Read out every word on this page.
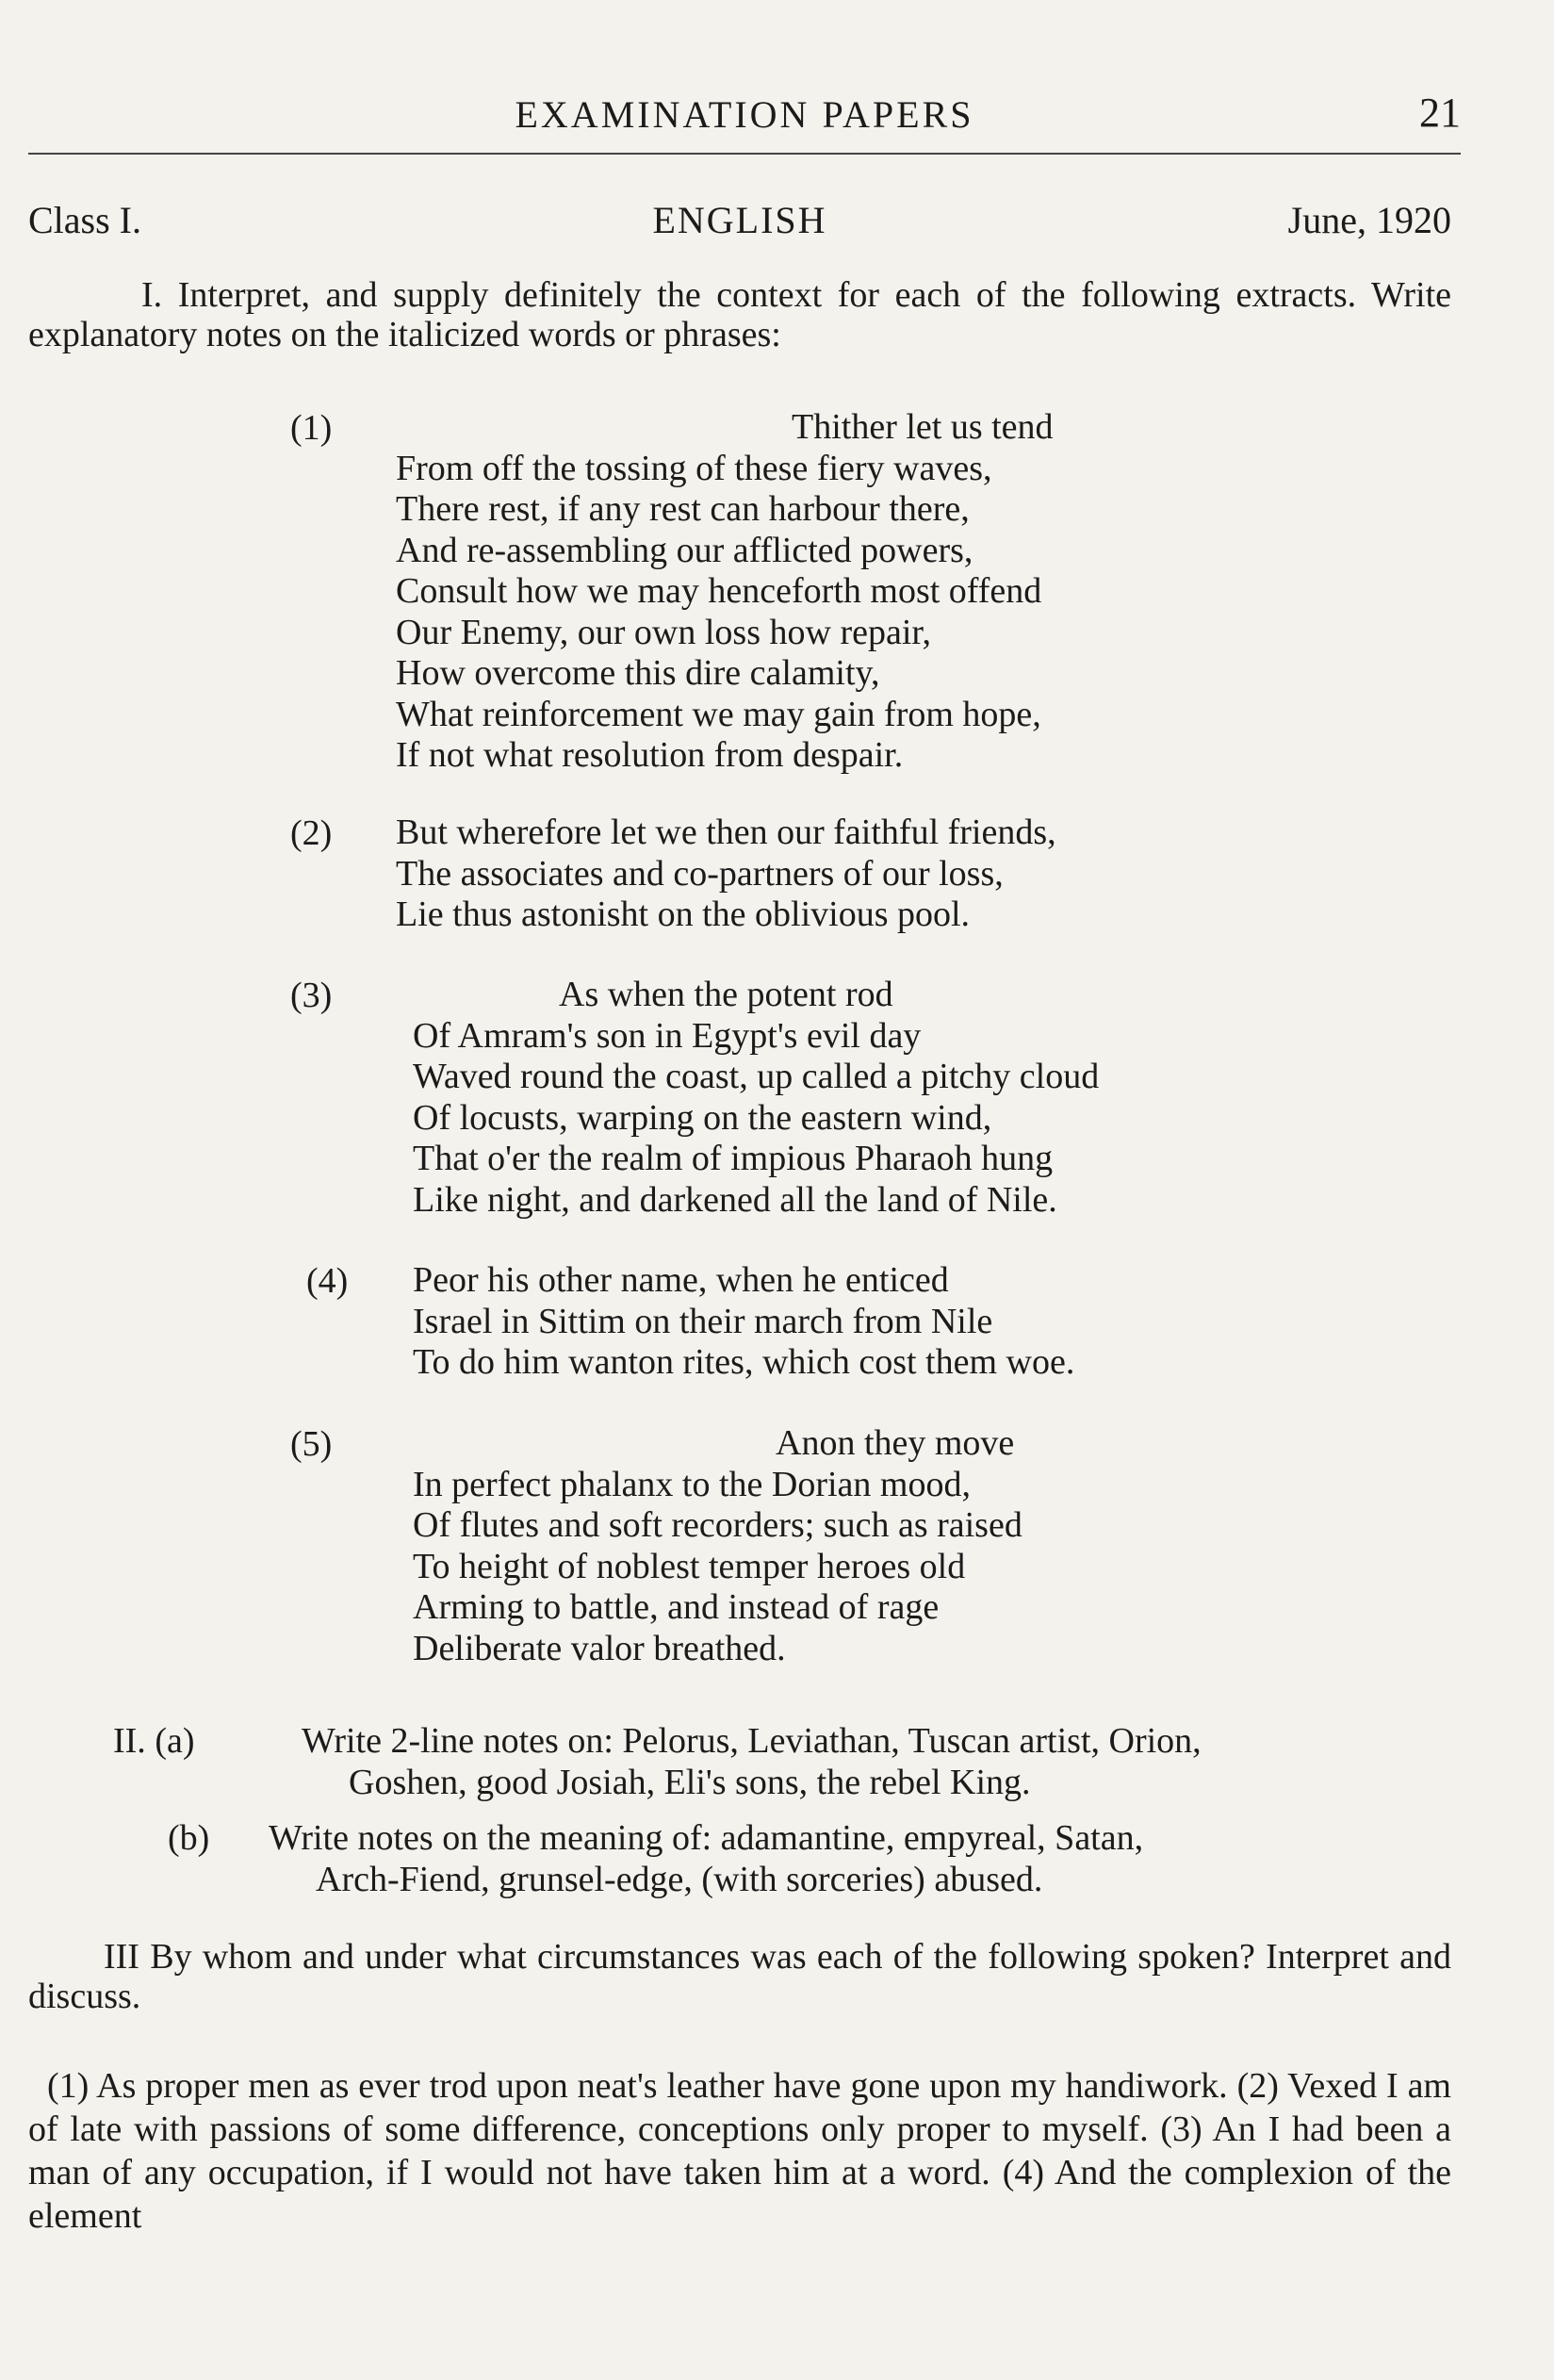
EXAMINATION PAPERS	21
Class I.	ENGLISH	June, 1920
I. Interpret, and supply definitely the context for each of the following extracts. Write explanatory notes on the italicized words or phrases:
(1)	Thither let us tend
From off the tossing of these fiery waves,
There rest, if any rest can harbour there,
And re-assembling our afflicted powers,
Consult how we may henceforth most offend
Our Enemy, our own loss how repair,
How overcome this dire calamity,
What reinforcement we may gain from hope,
If not what resolution from despair.
(2) But wherefore let we then our faithful friends,
The associates and co-partners of our loss,
Lie thus astonisht on the oblivious pool.
(3)	As when the potent rod
Of Amram's son in Egypt's evil day
Waved round the coast, up called a pitchy cloud
Of locusts, warping on the eastern wind,
That o'er the realm of impious Pharaoh hung
Like night, and darkened all the land of Nile.
(4) Peor his other name, when he enticed
Israel in Sittim on their march from Nile
To do him wanton rites, which cost them woe.
(5)	Anon they move
In perfect phalanx to the Dorian mood,
Of flutes and soft recorders; such as raised
To height of noblest temper heroes old
Arming to battle, and instead of rage
Deliberate valor breathed.
II. (a)	Write 2-line notes on: Pelorus, Leviathan, Tuscan artist, Orion,
Goshen, good Josiah, Eli's sons, the rebel King.
(b) Write notes on the meaning of: adamantine, empyreal, Satan,
Arch-Fiend, grunsel-edge, (with sorceries) abused.
III By whom and under what circumstances was each of the following spoken? Interpret and discuss.
(1) As proper men as ever trod upon neat's leather have gone upon my handiwork. (2) Vexed I am of late with passions of some difference, conceptions only proper to myself. (3) An I had been a man of any occupation, if I would not have taken him at a word. (4) And the complexion of the element
